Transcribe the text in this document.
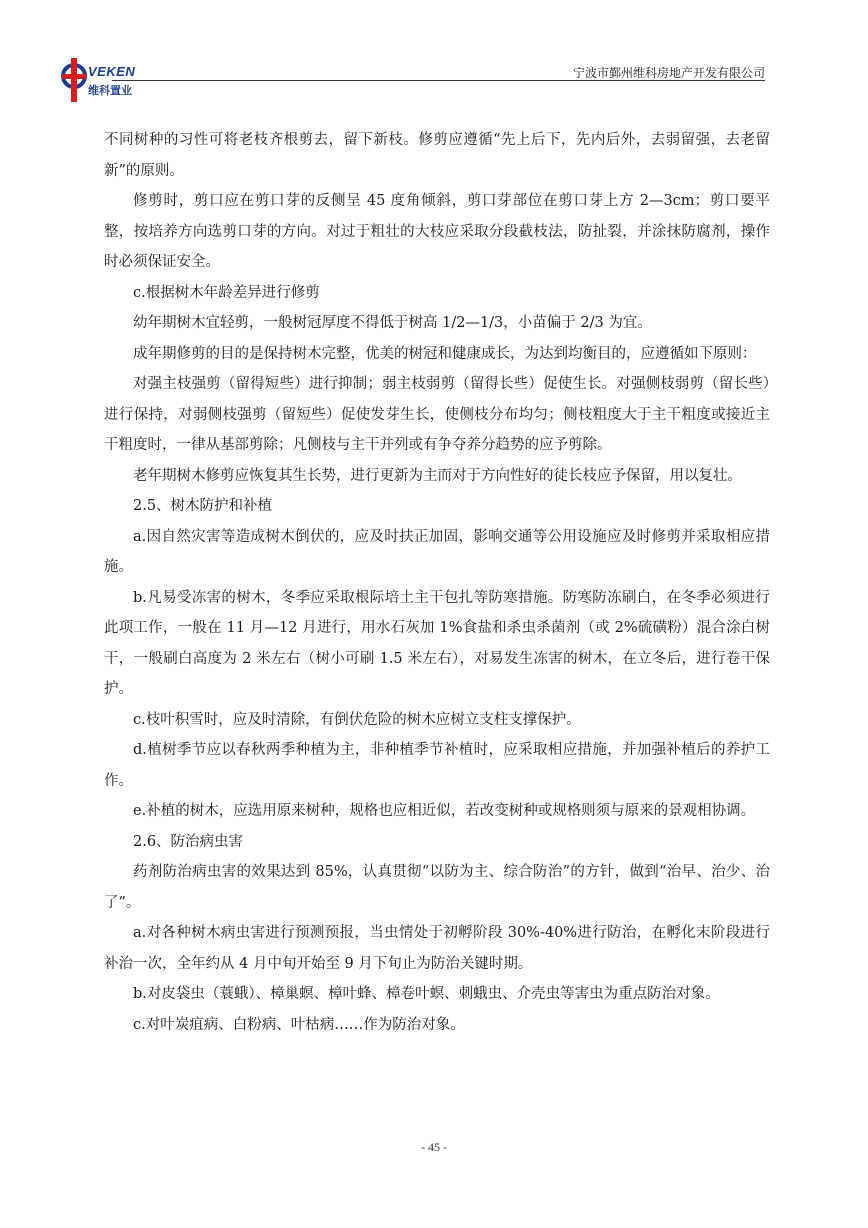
VEKEN
维科置业
宁波市鄞州维科房地产开发有限公司

不同树种的习性可将老枝齐根剪去，留下新枝。修剪应遵循“先上后下，先内后外，去弱留强，去老留新”的原则。

修剪时，剪口应在剪口芽的反侧呈 45 度角倾斜，剪口芽部位在剪口芽上方 2—3cm；剪口要平整，按培养方向选剪口芽的方向。对过于粗壮的大枝应采取分段截枝法，防扯裂，并涂抹防腐剂，操作时必须保证安全。

c.根据树木年龄差异进行修剪

幼年期树木宜轻剪，一般树冠厚度不得低于树高 1/2—1/3，小苗偏于 2/3 为宜。

成年期修剪的目的是保持树木完整，优美的树冠和健康成长，为达到均衡目的，应遵循如下原则：

对强主枝强剪（留得短些）进行抑制；弱主枝弱剪（留得长些）促使生长。对强侧枝弱剪（留长些）进行保持，对弱侧枝强剪（留短些）促使发芽生长，使侧枝分布均匀；侧枝粗度大于主干粗度或接近主干粗度时，一律从基部剪除；凡侧枝与主干并列或有争夺养分趋势的应予剪除。

老年期树木修剪应恢复其生长势，进行更新为主而对于方向性好的徒长枝应予保留，用以复壮。

2.5、树木防护和补植

a.因自然灾害等造成树木倒伏的，应及时扶正加固，影响交通等公用设施应及时修剪并采取相应措施。

b.凡易受冻害的树木，冬季应采取根际培土主干包扎等防寒措施。防寒防冻刷白，在冬季必须进行此项工作，一般在 11 月—12 月进行，用水石灰加 1%食盐和杀虫杀菌剂（或 2%硫磺粉）混合涂白树干，一般刷白高度为 2 米左右（树小可刷 1.5 米左右），对易发生冻害的树木，在立冬后，进行卷干保护。

c.枝叶积雪时，应及时清除，有倒伏危险的树木应树立支柱支撑保护。

d.植树季节应以春秋两季种植为主，非种植季节补植时，应采取相应措施，并加强补植后的养护工作。

e.补植的树木，应选用原来树种，规格也应相近似，若改变树种或规格则须与原来的景观相协调。

2.6、防治病虫害

药剂防治病虫害的效果达到 85%，认真贯彻“以防为主、综合防治”的方针，做到“治早、治少、治了”。

a.对各种树木病虫害进行预测预报，当虫情处于初孵阶段 30%-40%进行防治，在孵化末阶段进行补治一次，全年约从 4 月中旬开始至 9 月下旬止为防治关键时期。

b.对皮袋虫（蓑蛾）、樟巢螟、樟叶蜂、樟卷叶螟、刺蛾虫、介壳虫等害虫为重点防治对象。

c.对叶炭疽病、白粉病、叶枯病……作为防治对象。

- 45 -
